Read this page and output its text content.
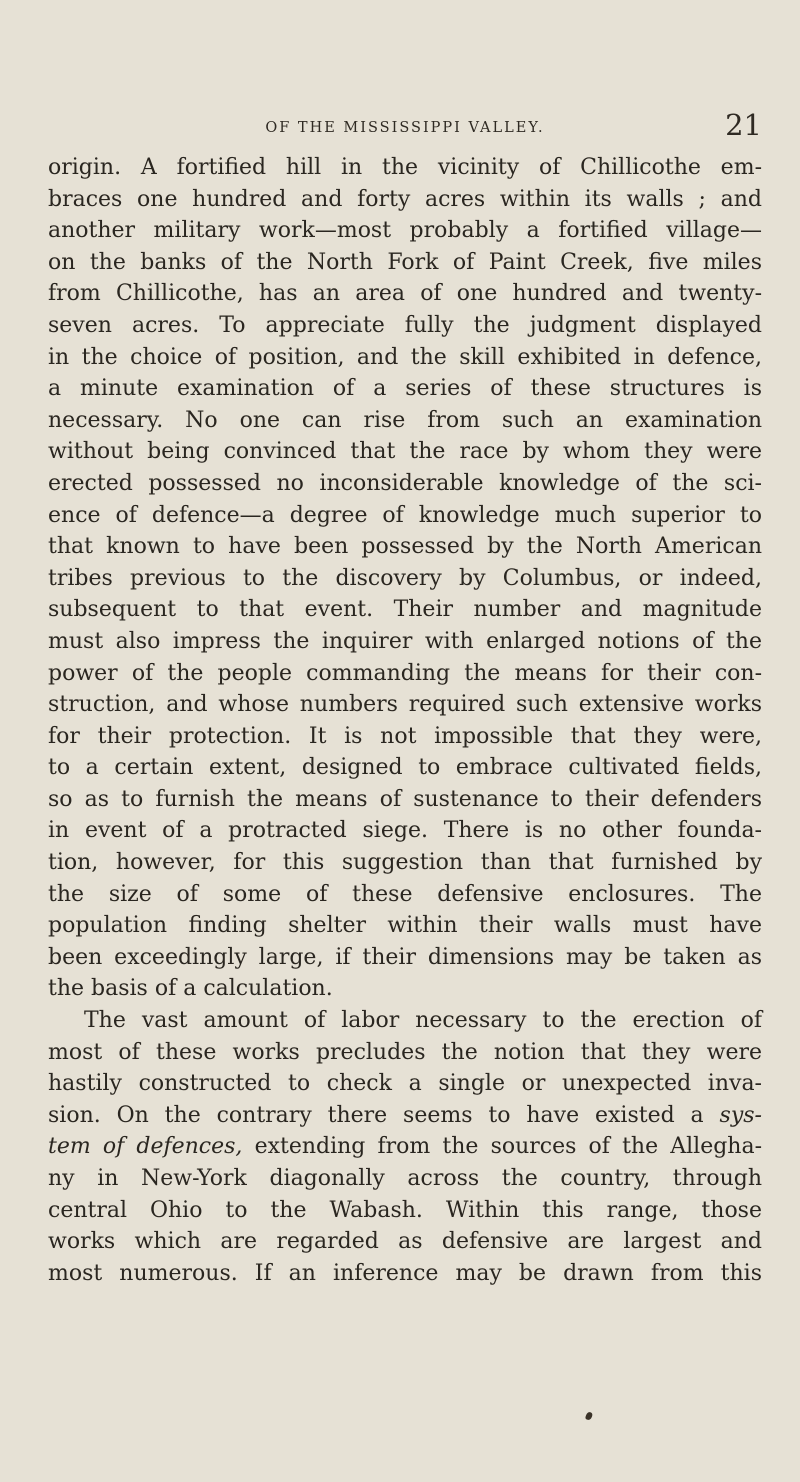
OF THE MISSISSIPPI VALLEY.	21
origin. A fortified hill in the vicinity of Chillicothe em-
braces one hundred and forty acres within its walls ; and
another military work—most probably a fortified village—
on the banks of the North Fork of Paint Creek, five miles
from Chillicothe, has an area of one hundred and twenty-
seven acres. To appreciate fully the judgment displayed
in the choice of position, and the skill exhibited in defence,
a minute examination of a series of these structures is
necessary. No one can rise from such an examination
without being convinced that the race by whom they were
erected possessed no inconsiderable knowledge of the sci-
ence of defence—a degree of knowledge much superior to
that known to have been possessed by the North American
tribes previous to the discovery by Columbus, or indeed,
subsequent to that event. Their number and magnitude
must also impress the inquirer with enlarged notions of the
power of the people commanding the means for their con-
struction, and whose numbers required such extensive works
for their protection. It is not impossible that they were,
to a certain extent, designed to embrace cultivated fields,
so as to furnish the means of sustenance to their defenders
in event of a protracted siege. There is no other founda-
tion, however, for this suggestion than that furnished by
the size of some of these defensive enclosures. The
population finding shelter within their walls must have
been exceedingly large, if their dimensions may be taken as
the basis of a calculation.
The vast amount of labor necessary to the erection of
most of these works precludes the notion that they were
hastily constructed to check a single or unexpected inva-
sion. On the contrary there seems to have existed a sys-
tem of defences, extending from the sources of the Allegha-
ny in New-York diagonally across the country, through
central Ohio to the Wabash. Within this range, those
works which are regarded as defensive are largest and
most numerous. If an inference may be drawn from this
